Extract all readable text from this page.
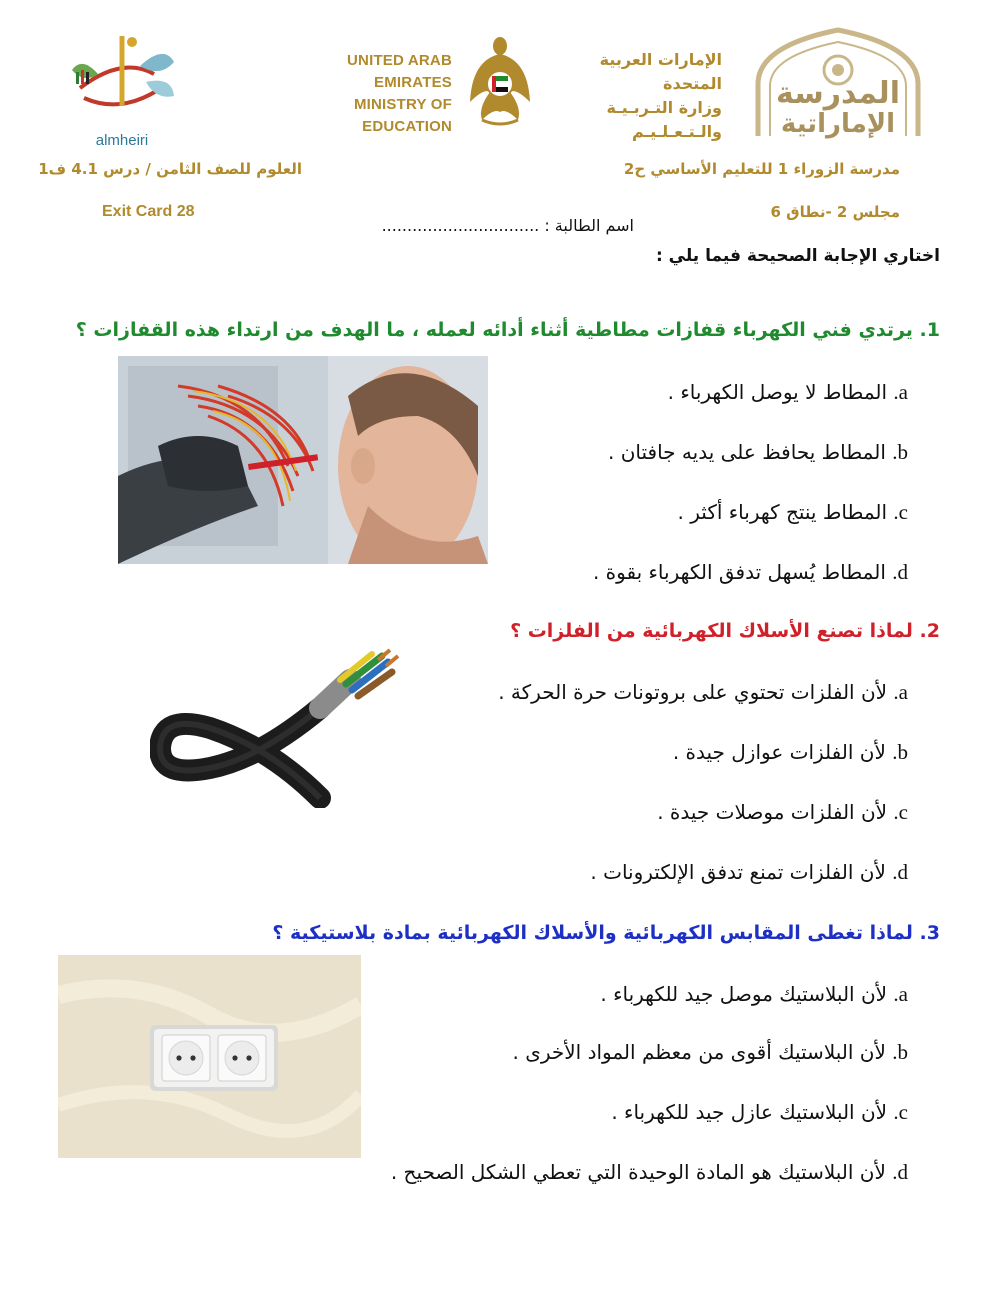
almheiri
UNITED ARAB EMIRATES
MINISTRY OF EDUCATION
الإمارات العربية المتحدة
وزارة التـربـيـة والـتـعـلـيـم
المدرسة
الإماراتية
مدرسة الزوراء 1 للتعليم الأساسي ح2
العلوم للصف الثامن / درس 4.1 ف1
مجلس 2 -نطاق 6
Exit Card 28
اسم الطالبة : ...............................
اختاري الإجابة الصحيحة فيما يلي :
1. يرتدي فني الكهرباء قفازات مطاطية أثناء أدائه لعمله ، ما الهدف من ارتداء هذه القفازات ؟
a. المطاط لا يوصل الكهرباء .
b. المطاط يحافظ على يديه جافتان .
c. المطاط ينتج كهرباء أكثر .
d. المطاط يُسهل تدفق الكهرباء بقوة .
2. لماذا تصنع الأسلاك الكهربائية من الفلزات ؟
a. لأن الفلزات تحتوي على بروتونات حرة الحركة .
b. لأن الفلزات عوازل جيدة .
c. لأن الفلزات موصلات جيدة .
d. لأن الفلزات تمنع تدفق الإلكترونات .
3. لماذا تغطى المقابس الكهربائية والأسلاك الكهربائية بمادة بلاستيكية ؟
a. لأن البلاستيك موصل جيد للكهرباء .
b. لأن البلاستيك أقوى من معظم المواد الأخرى .
c. لأن البلاستيك عازل جيد للكهرباء .
d. لأن البلاستيك هو المادة الوحيدة التي تعطي الشكل الصحيح .
